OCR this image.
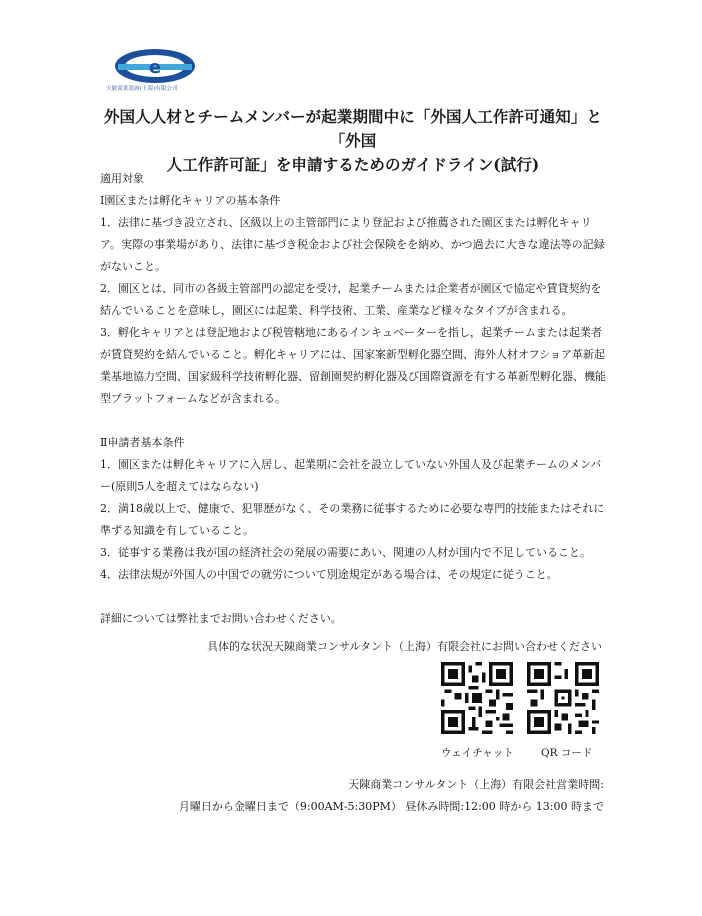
e
天陂商業諮詢(上海)有限公司
外国人人材とチームメンバーが起業期間中に「外国人工作許可通知」と「外国
人工作許可証」を申請するためのガイドライン(試行)

適用対象

Ⅰ園区または孵化キャリアの基本条件

1．法律に基づき設立され、区級以上の主管部門により登記および推薦された園区または孵化キャリア。実際の事業場があり、法律に基づき税金および社会保険をを納め、かつ過去に大きな違法等の記録がないこと。

2．園区とは、同市の各級主管部門の認定を受け，起業チームまたは企業者が園区で協定や賃貸契約を結んでいることを意味し，園区には起業、科学技術、工業、産業など様々なタイプが含まれる。

3．孵化キャリアとは登記地および税管轄地にあるインキュベーターを指し，起業チームまたは起業者が賃貸契約を結んでいること。孵化キャリアには、国家案新型孵化器空間、海外人材オフショア革新起業基地協力空間、国家級科学技術孵化器、留創園契約孵化器及び国際資源を有する革新型孵化器、機能型プラットフォームなどが含まれる。

Ⅱ申請者基本条件

1．園区または孵化キャリアに入居し、起業期に会社を設立していない外国人及び起業チームのメンバー(原則5人を超えてはならない)

2．満18歳以上で、健康で、犯罪歴がなく、その業務に従事するために必要な専門的技能またはそれに準ずる知識を有していること。

3．従事する業務は我が国の経済社会の発展の需要にあい、関連の人材が国内で不足していること。

4．法律法規が外国人の中国での就労について別途規定がある場合は、その規定に従うこと。

詳細については弊社までお問い合わせください。

具体的な状況天陳商業コンサルタント（上海）有限会社にお問い合わせください
ウェイチャット	QR コード
天陳商業コンサルタント（上海）有限会社営業時間:
月曜日から金曜日まで（9:00AM-5:30PM） 昼休み時間:12:00 時から 13:00 時まで
